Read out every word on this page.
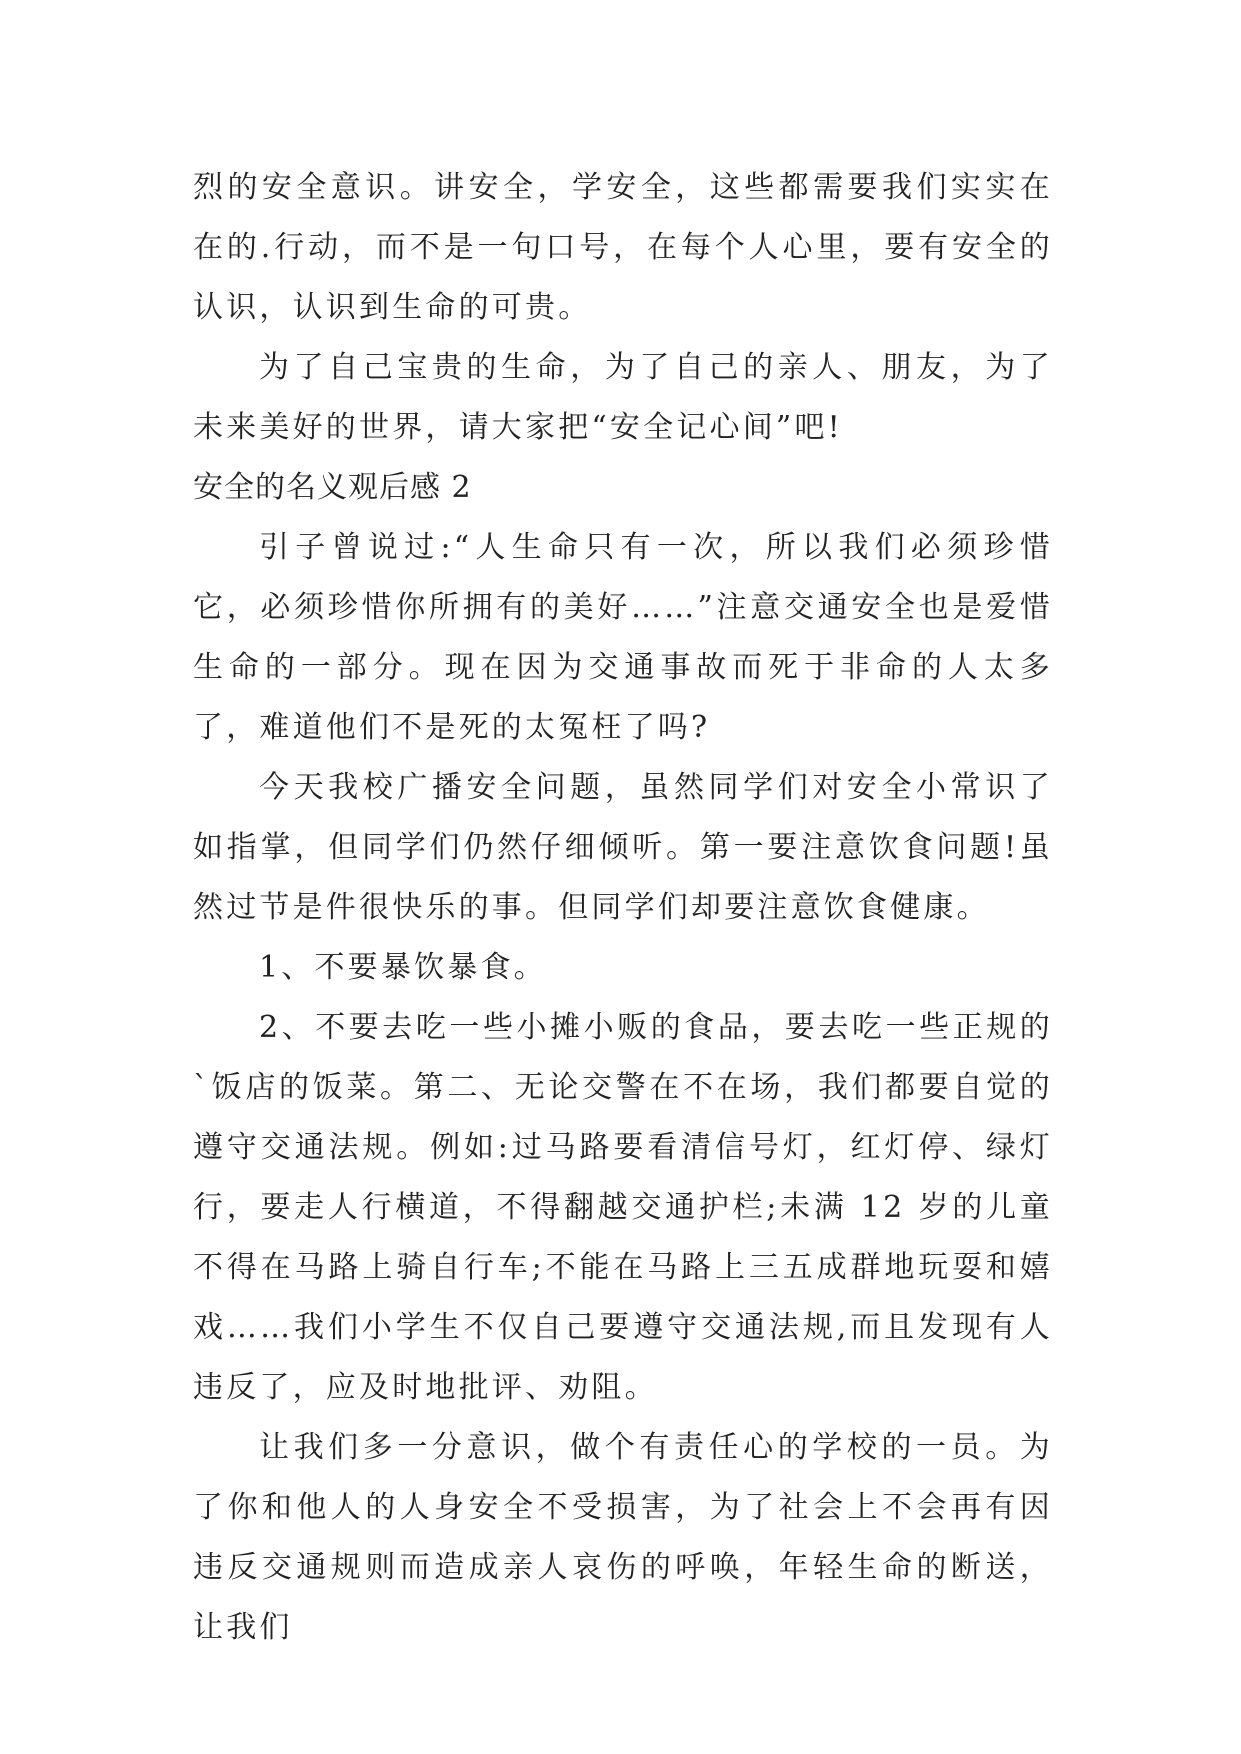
烈的安全意识。讲安全，学安全，这些都需要我们实实在在的.行动，而不是一句口号，在每个人心里，要有安全的认识，认识到生命的可贵。

为了自己宝贵的生命，为了自己的亲人、朋友，为了未来美好的世界，请大家把“安全记心间”吧!

安全的名义观后感 2

引子曾说过:“人生命只有一次，所以我们必须珍惜它，必须珍惜你所拥有的美好……”注意交通安全也是爱惜生命的一部分。现在因为交通事故而死于非命的人太多了，难道他们不是死的太冤枉了吗?

今天我校广播安全问题，虽然同学们对安全小常识了如指掌，但同学们仍然仔细倾听。第一要注意饮食问题!虽然过节是件很快乐的事。但同学们却要注意饮食健康。

1、不要暴饮暴食。

2、不要去吃一些小摊小贩的食品，要去吃一些正规的`饭店的饭菜。第二、无论交警在不在场，我们都要自觉的遵守交通法规。例如:过马路要看清信号灯，红灯停、绿灯行，要走人行横道，不得翻越交通护栏;未满 12 岁的儿童不得在马路上骑自行车;不能在马路上三五成群地玩耍和嬉戏……我们小学生不仅自己要遵守交通法规,而且发现有人违反了，应及时地批评、劝阻。

让我们多一分意识，做个有责任心的学校的一员。为了你和他人的人身安全不受损害，为了社会上不会再有因违反交通规则而造成亲人哀伤的呼唤，年轻生命的断送，让我们
